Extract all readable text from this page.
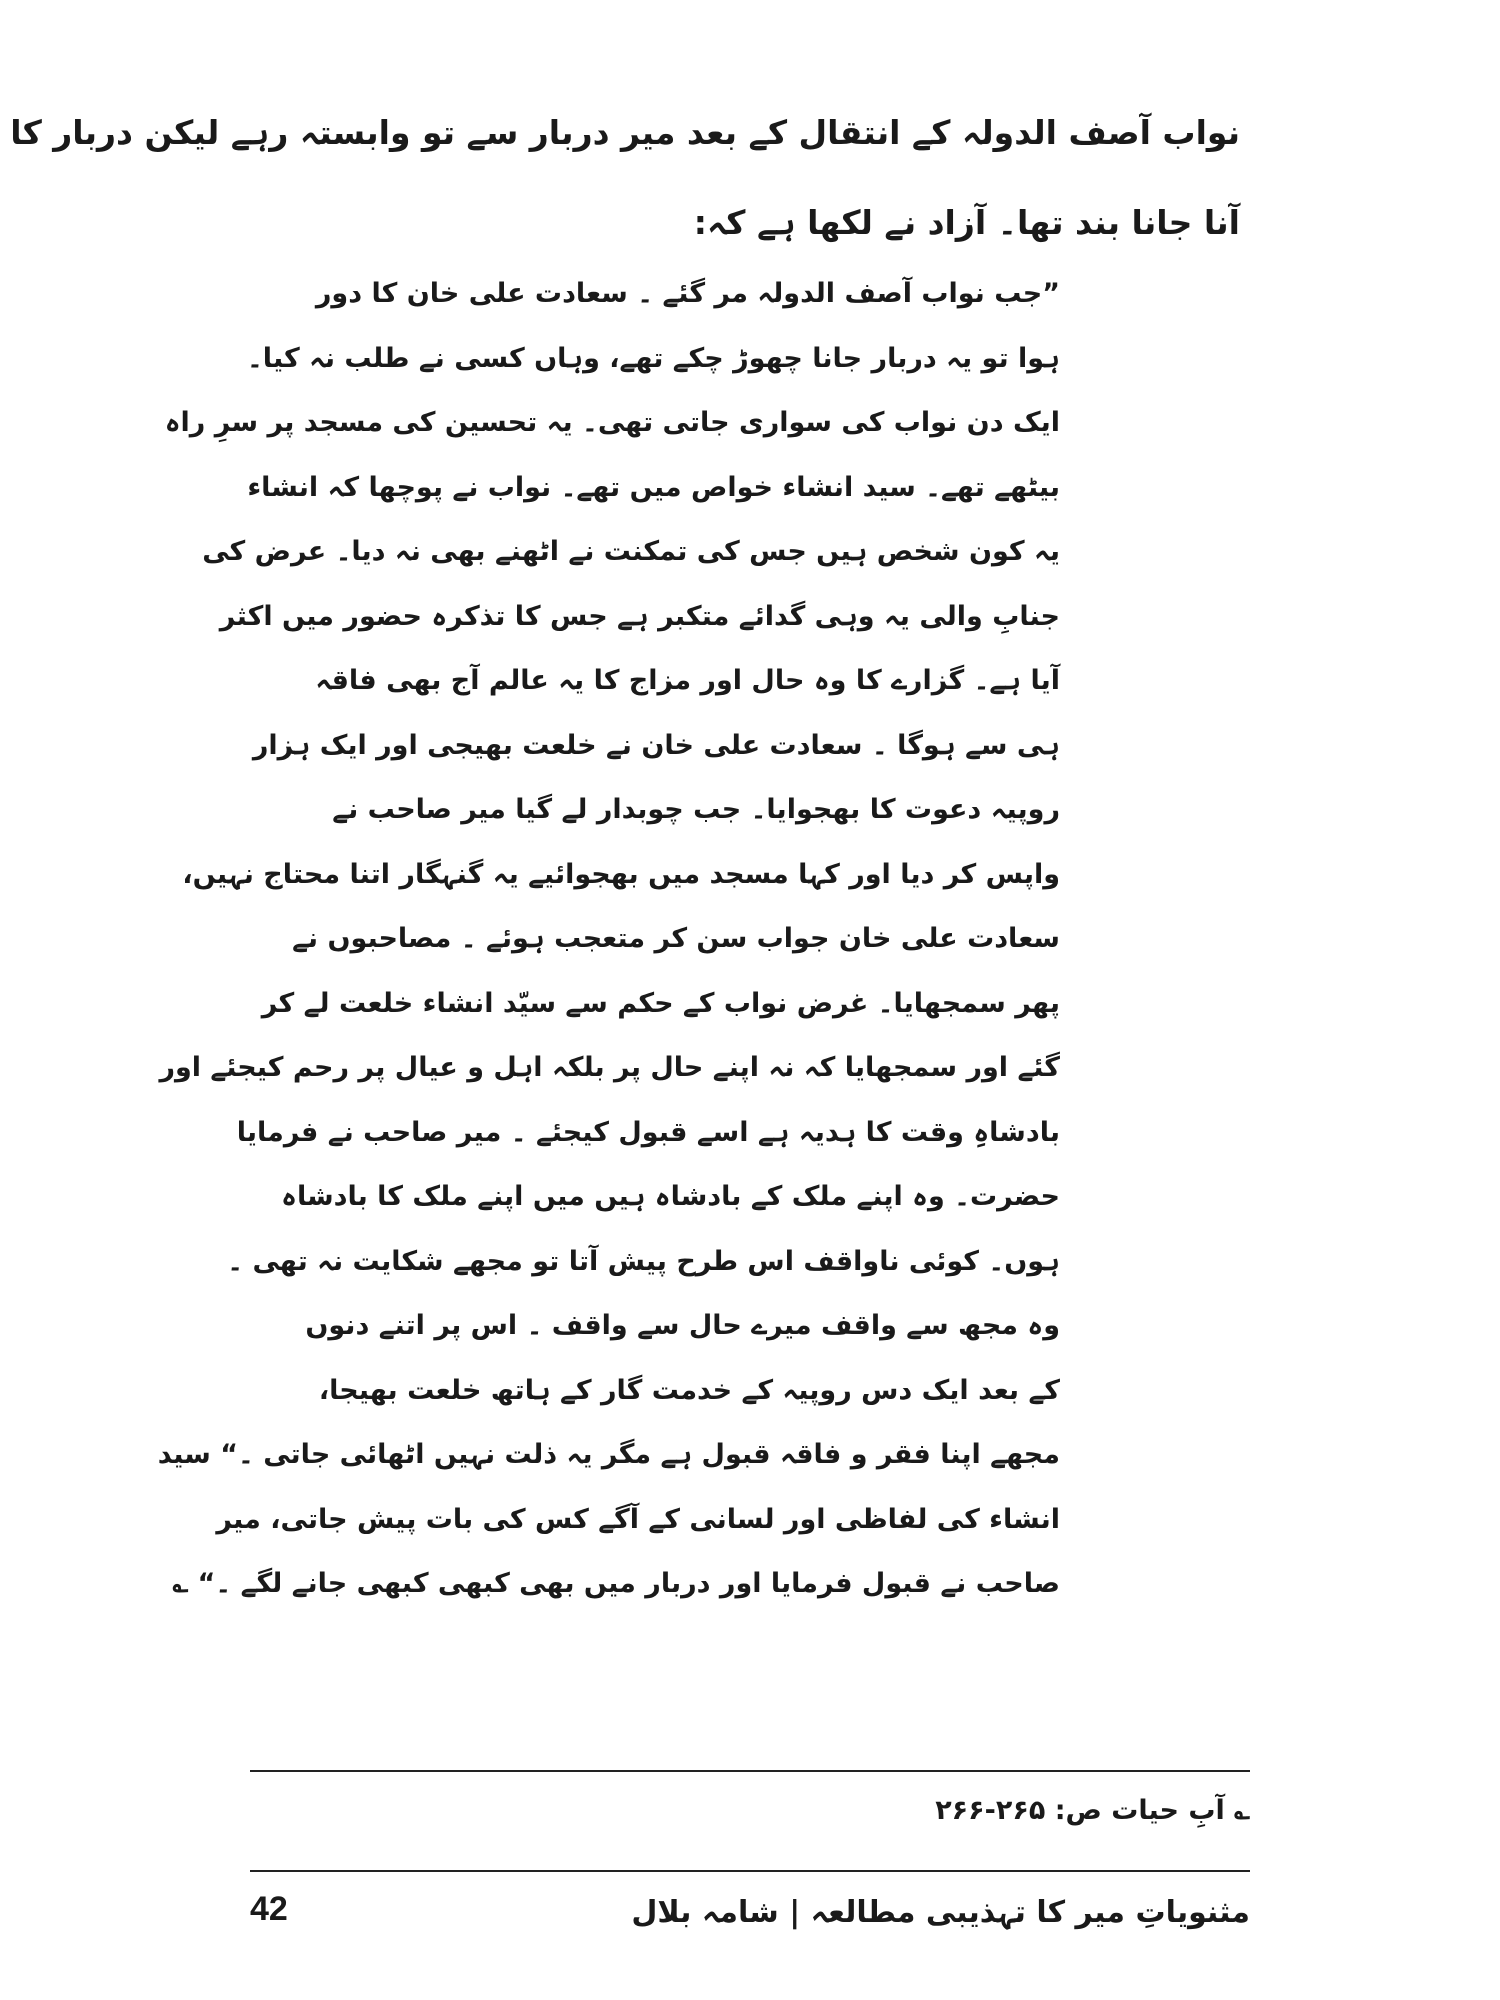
نواب آصف الدولہ کے انتقال کے بعد میر دربار سے تو وابستہ رہے لیکن دربار کا
آنا جانا بند تھا۔ آزاد نے لکھا ہے کہ:
”جب نواب آصف الدولہ مر گئے ۔ سعادت علی خان کا دور
ہوا تو یہ دربار جانا چھوڑ چکے تھے، وہاں کسی نے طلب نہ کیا۔
ایک دن نواب کی سواری جاتی تھی۔ یہ تحسین کی مسجد پر سرِ راہ
بیٹھے تھے۔ سید انشاء خواص میں تھے۔ نواب نے پوچھا کہ انشاء
یہ کون شخص ہیں جس کی تمکنت نے اٹھنے بھی نہ دیا۔ عرض کی
جنابِ والی یہ وہی گدائے متکبر ہے جس کا تذکرہ حضور میں اکثر
آیا ہے۔ گزارے کا وہ حال اور مزاج کا یہ عالم آج بھی فاقہ
ہی سے ہوگا ۔ سعادت علی خان نے خلعت بھیجی اور ایک ہزار
روپیہ دعوت کا بھجوایا۔ جب چوبدار لے گیا میر صاحب نے
واپس کر دیا اور کہا مسجد میں بھجوائیے یہ گنہگار اتنا محتاج نہیں،
سعادت علی خان جواب سن کر متعجب ہوئے ۔ مصاحبوں نے
پھر سمجھایا۔ غرض نواب کے حکم سے سیّد انشاء خلعت لے کر
گئے اور سمجھایا کہ نہ اپنے حال پر بلکہ اہل و عیال پر رحم کیجئے اور
بادشاہِ وقت کا ہدیہ ہے اسے قبول کیجئے ۔ میر صاحب نے فرمایا
حضرت۔ وہ اپنے ملک کے بادشاہ ہیں میں اپنے ملک کا بادشاہ
ہوں۔ کوئی ناواقف اس طرح پیش آتا تو مجھے شکایت نہ تھی ۔
وہ مجھ سے واقف میرے حال سے واقف ۔ اس پر اتنے دنوں
کے بعد ایک دس روپیہ کے خدمت گار کے ہاتھ خلعت بھیجا،
مجھے اپنا فقر و فاقہ قبول ہے مگر یہ ذلت نہیں اٹھائی جاتی ۔“ سید
انشاء کی لفاظی اور لسانی کے آگے کس کی بات پیش جاتی، میر
صاحب نے قبول فرمایا اور دربار میں بھی کبھی کبھی جانے لگے ۔“ ؎
؎ آبِ حیات ص: ۲۶۵-۲۶۶
مثنویاتِ میر کا تہذیبی مطالعہ | شامہ بلال
42
